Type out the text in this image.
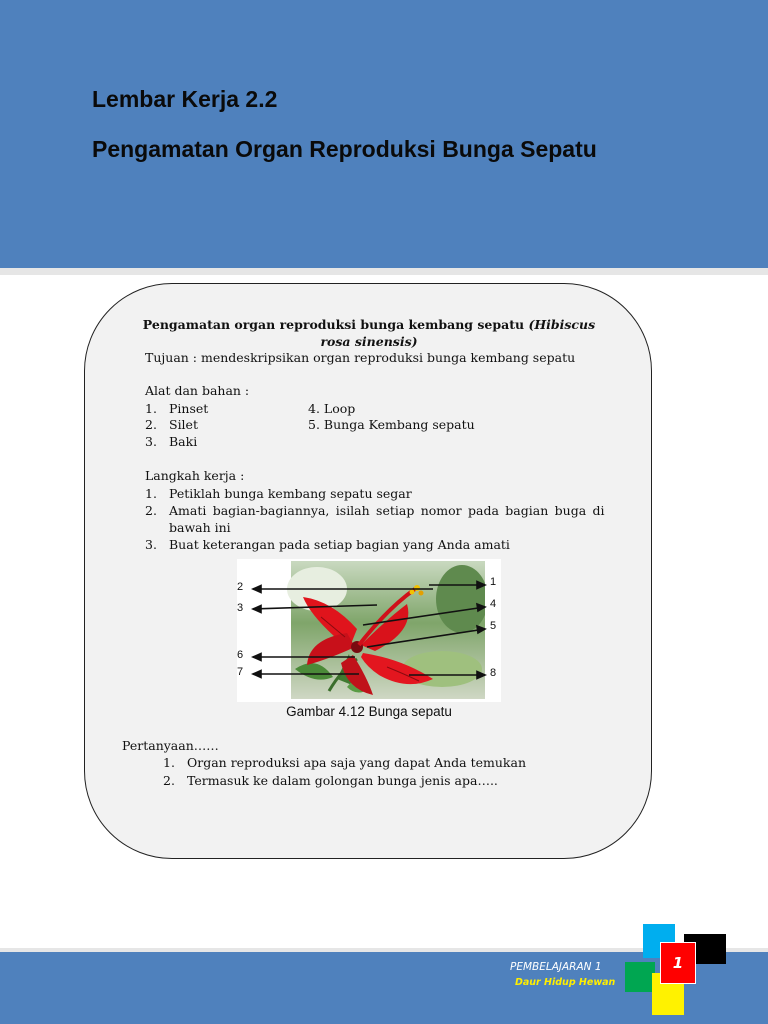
Lembar Kerja 2.2
Pengamatan Organ Reproduksi Bunga Sepatu
Pengamatan organ reproduksi bunga kembang sepatu (Hibiscus
rosa sinensis)
Tujuan : mendeskripsikan organ reproduksi bunga kembang sepatu
Alat dan bahan :
1. Pinset
2. Silet
3. Baki
4. Loop
5. Bunga Kembang sepatu
Langkah kerja :
1. Petiklah bunga kembang sepatu segar
2. Amati bagian-bagiannya, isilah setiap nomor pada bagian buga di
bawah ini
3. Buat keterangan pada setiap bagian yang Anda amati
2
3
6
7
1
4
5
8
Gambar 4.12 Bunga sepatu
Pertanyaan……
1. Organ reproduksi apa saja yang dapat Anda temukan
2. Termasuk ke dalam golongan bunga jenis apa…..
PEMBELAJARAN 1
Daur Hidup Hewan
1
